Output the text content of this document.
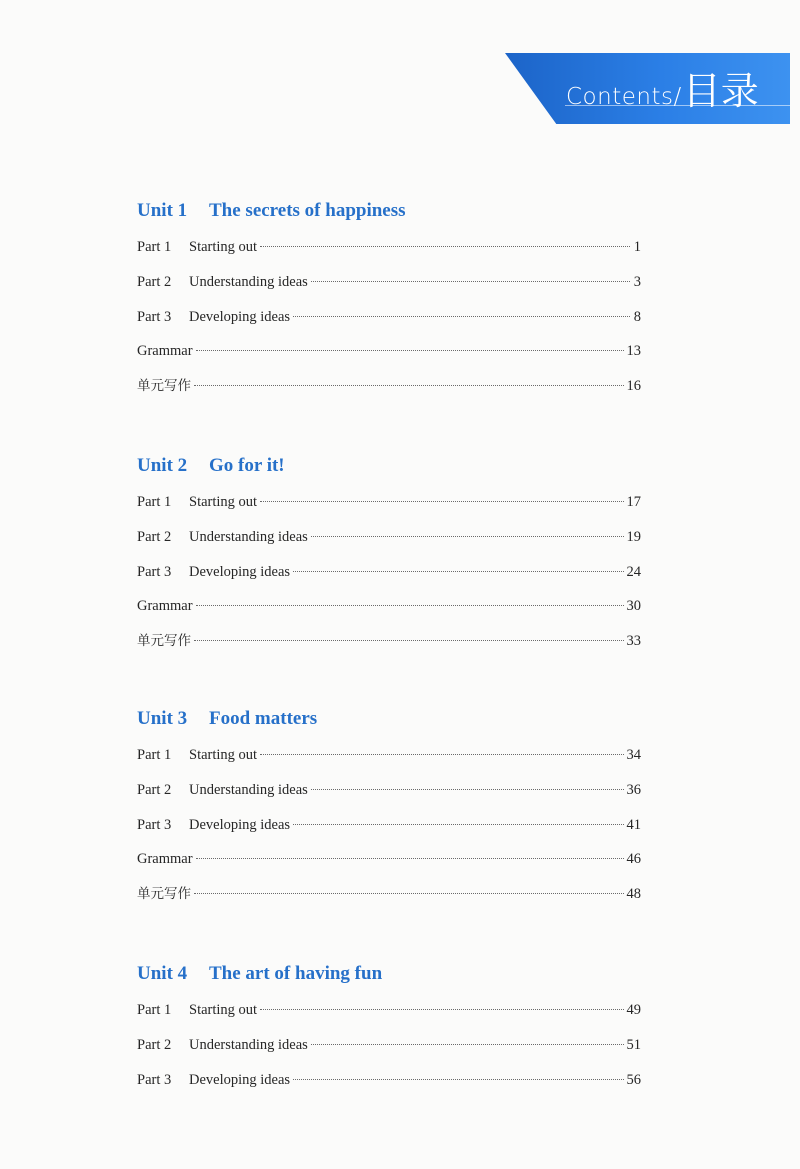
Contents/ 目录
Unit 1 The secrets of happiness
Part 1	Starting out	1
Part 2	Understanding ideas	3
Part 3	Developing ideas	8
Grammar	13
单元写作	16
Unit 2 Go for it!
Part 1	Starting out	17
Part 2	Understanding ideas	19
Part 3	Developing ideas	24
Grammar	30
单元写作	33
Unit 3 Food matters
Part 1	Starting out	34
Part 2	Understanding ideas	36
Part 3	Developing ideas	41
Grammar	46
单元写作	48
Unit 4 The art of having fun
Part 1	Starting out	49
Part 2	Understanding ideas	51
Part 3	Developing ideas	56
